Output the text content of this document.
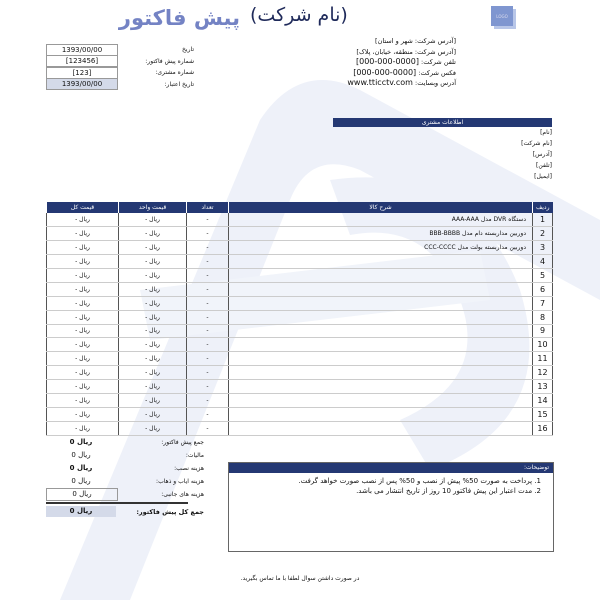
LOGO
(نام شرکت)
پیش فاکتور
[آدرس شرکت: شهر و استان]
[آدرس شرکت: منطقه، خیابان، پلاک]
تلفن شرکت: [0000-000-000]
فکس شرکت: [0000-000-000]
آدرس وبسایت: www.tticctv.com
1393/00/00	تاریخ
[123456]	شماره پیش فاکتور:
[123]	شماره مشتری:
1393/00/00	تاریخ اعتبار:
اطلاعات مشتری
[نام]
[نام شرکت]
[آدرس]
[تلفن]
[ایمیل]
قیمت کل	قیمت واحد	تعداد	شرح کالا	ردیف
ریال -	ریال -	-	دستگاه DVR مدل AAA-AAA	1
ریال -	ریال -	-	دوربین مداربسته دام مدل BBB-BBBB	2
ریال -	ریال -	-	دوربین مداربسته بولت مدل CCC-CCCC	3
ریال -	ریال -	-		4
ریال -	ریال -	-		5
ریال -	ریال -	-		6
ریال -	ریال -	-		7
ریال -	ریال -	-		8
ریال -	ریال -	-		9
ریال -	ریال -	-		10
ریال -	ریال -	-		11
ریال -	ریال -	-		12
ریال -	ریال -	-		13
ریال -	ریال -	-		14
ریال -	ریال -	-		15
ریال -	ریال -	-		16
ریال 0	جمع پیش فاکتور:
ریال 0	مالیات:
ریال 0	هزینه نصب:
ریال 0	هزینه ایاب و ذهاب:
ریال 0	هزینه های جانبی:
ریال 0	جمع کل پیش فاکتور:
توضیحات:
1. پرداخت به صورت 50% پیش از نصب و 50% پس از نصب صورت خواهد گرفت.
2. مدت اعتبار این پیش فاکتور 10 روز از تاریخ انتشار می باشد.
در صورت داشتن سوال لطفا با ما تماس بگیرید.
